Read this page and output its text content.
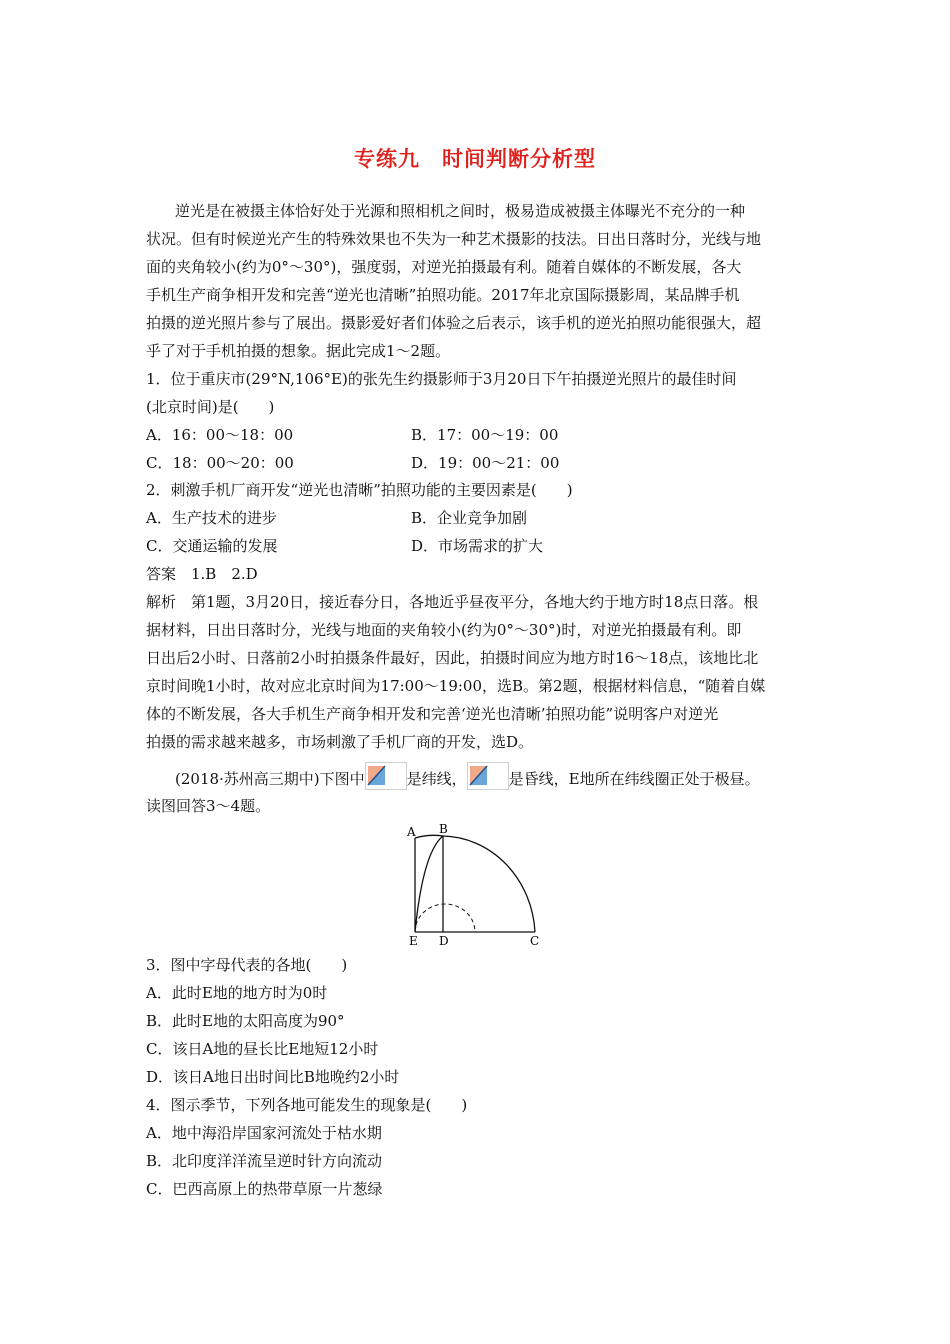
专练九　时间判断分析型
逆光是在被摄主体恰好处于光源和照相机之间时，极易造成被摄主体曝光不充分的一种
状况。但有时候逆光产生的特殊效果也不失为一种艺术摄影的技法。日出日落时分，光线与地
面的夹角较小(约为0°～30°)，强度弱，对逆光拍摄最有利。随着自媒体的不断发展，各大
手机生产商争相开发和完善“逆光也清晰”拍照功能。2017年北京国际摄影周，某品牌手机
拍摄的逆光照片参与了展出。摄影爱好者们体验之后表示，该手机的逆光拍照功能很强大，超
乎了对于手机拍摄的想象。据此完成1～2题。
1．位于重庆市(29°N,106°E)的张先生约摄影师于3月20日下午拍摄逆光照片的最佳时间
(北京时间)是(　　)
A．16：00～18：00	B．17：00～19：00
C．18：00～20：00	D．19：00～21：00
2．刺激手机厂商开发“逆光也清晰”拍照功能的主要因素是(　　)
A．生产技术的进步	B．企业竞争加剧
C．交通运输的发展	D．市场需求的扩大
答案　1.B　2.D
解析　第1题，3月20日，接近春分日，各地近乎昼夜平分，各地大约于地方时18点日落。根
据材料，日出日落时分，光线与地面的夹角较小(约为0°～30°)时，对逆光拍摄最有利。即
日出后2小时、日落前2小时拍摄条件最好，因此，拍摄时间应为地方时16～18点，该地比北
京时间晚1小时，故对应北京时间为17:00～19:00，选B。第2题，根据材料信息，“随着自媒
体的不断发展，各大手机生产商争相开发和完善‘逆光也清晰’拍照功能”说明客户对逆光
拍摄的需求越来越多，市场刺激了手机厂商的开发，选D。
(2018·苏州高三期中)下图中	是纬线，	是昏线，E地所在纬线圈正处于极昼。
读图回答3～4题。
A B
C
D
E
3．图中字母代表的各地(　　)
A．此时E地的地方时为0时
B．此时E地的太阳高度为90°
C．该日A地的昼长比E地短12小时
D．该日A地日出时间比B地晚约2小时
4．图示季节，下列各地可能发生的现象是(　　)
A．地中海沿岸国家河流处于枯水期
B．北印度洋洋流呈逆时针方向流动
C．巴西高原上的热带草原一片葱绿
